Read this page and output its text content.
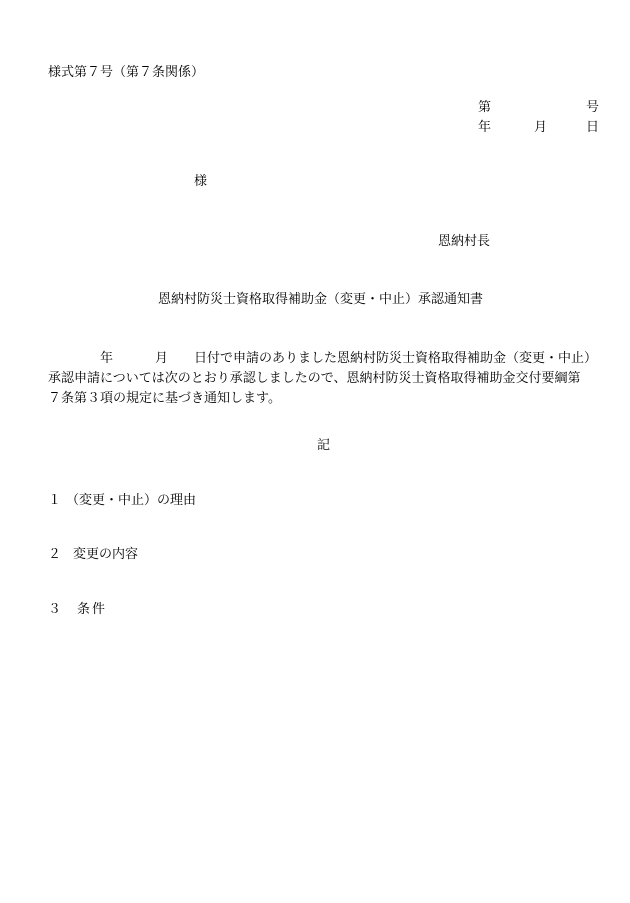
様式第７号（第７条関係）
第	号
年	月	日
様
恩納村長
恩納村防災士資格取得補助金（変更・中止）承認通知書
年	月 日付で申請のありました恩納村防災士資格取得補助金（変更・中止）
承認申請については次のとおり承認しましたので、恩納村防災士資格取得補助金交付要綱第
７条第３項の規定に基づき通知します。
記
１ （変更・中止）の理由
２ 変更の内容
３	条件
